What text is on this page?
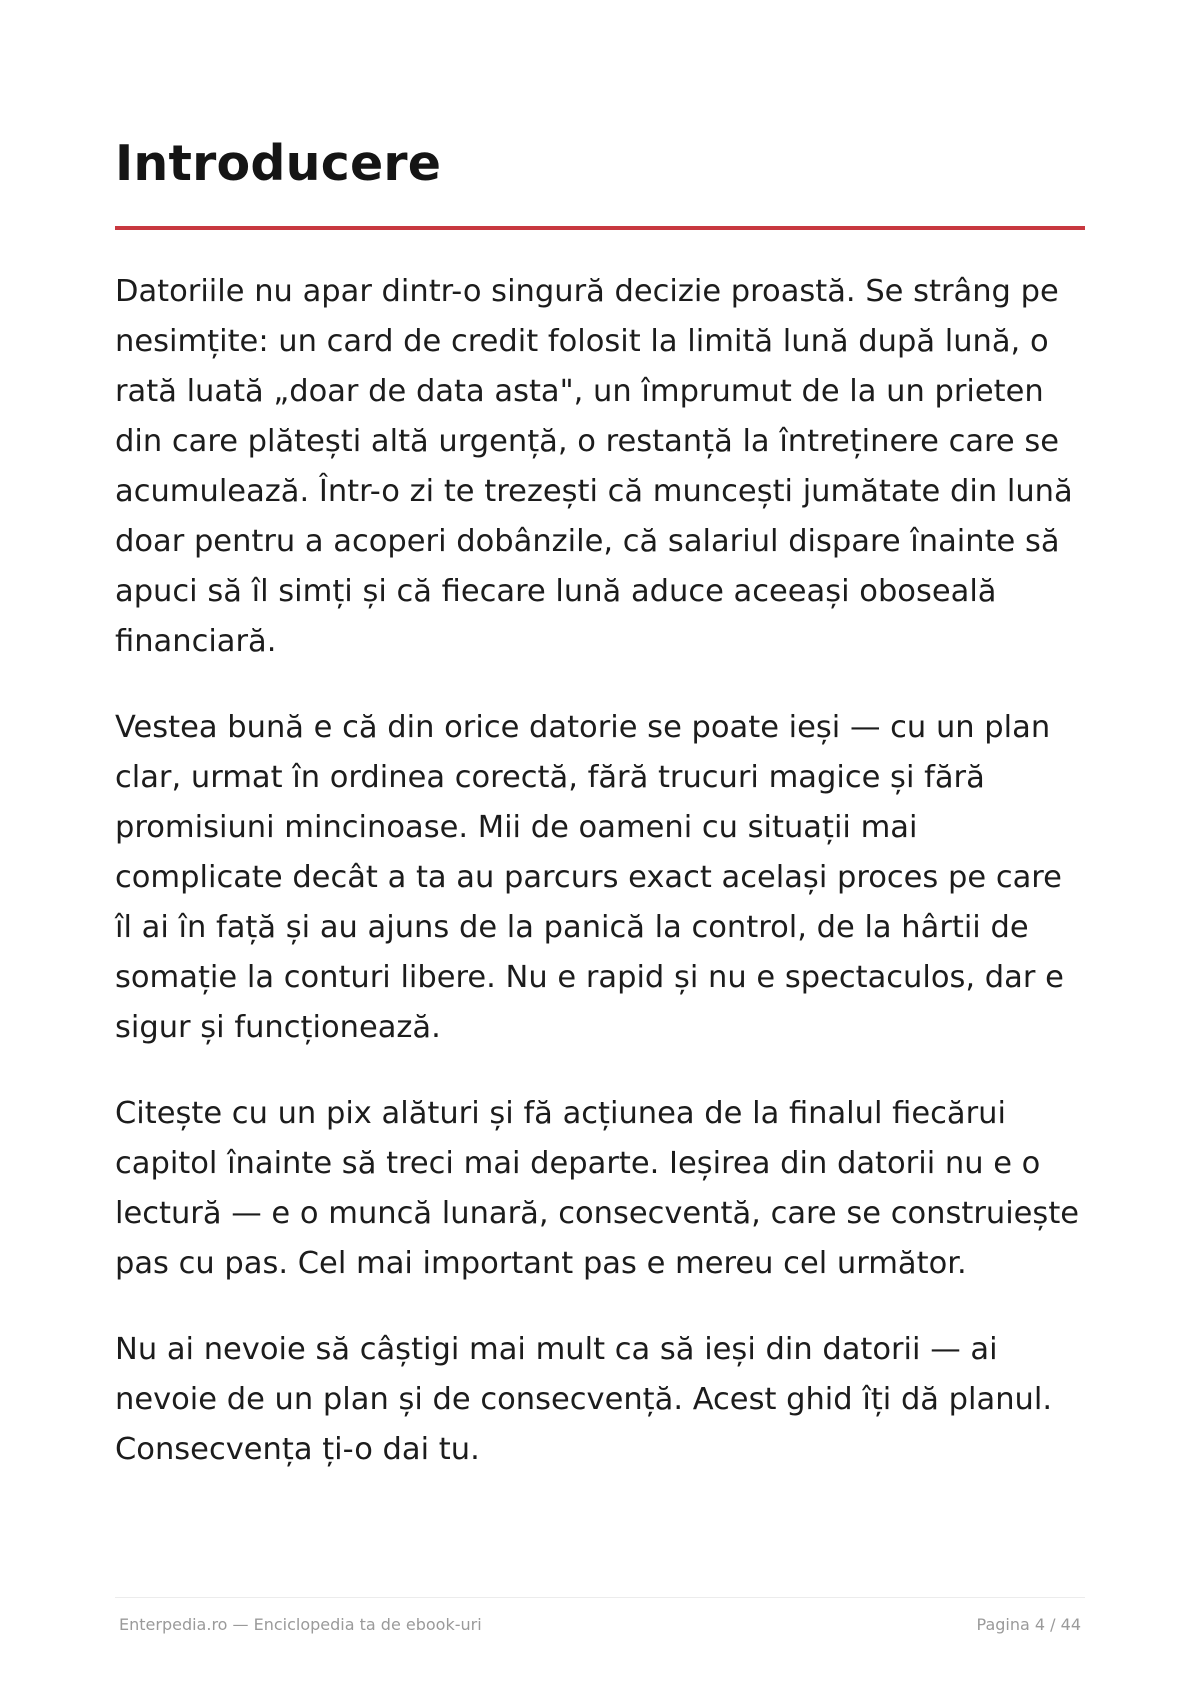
Introducere

Datoriile nu apar dintr-o singură decizie proastă. Se strâng pe nesimțite: un card de credit folosit la limită lună după lună, o rată luată „doar de data asta", un împrumut de la un prieten din care plătești altă urgență, o restanță la întreținere care se acumulează. Într-o zi te trezești că muncești jumătate din lună doar pentru a acoperi dobânzile, că salariul dispare înainte să apuci să îl simți și că fiecare lună aduce aceeași oboseală financiară.

Vestea bună e că din orice datorie se poate ieși — cu un plan clar, urmat în ordinea corectă, fără trucuri magice și fără promisiuni mincinoase. Mii de oameni cu situații mai complicate decât a ta au parcurs exact același proces pe care îl ai în față și au ajuns de la panică la control, de la hârtii de somație la conturi libere. Nu e rapid și nu e spectaculos, dar e sigur și funcționează.

Citește cu un pix alături și fă acțiunea de la finalul fiecărui capitol înainte să treci mai departe. Ieșirea din datorii nu e o lectură — e o muncă lunară, consecventă, care se construiește pas cu pas. Cel mai important pas e mereu cel următor.

Nu ai nevoie să câștigi mai mult ca să ieși din datorii — ai nevoie de un plan și de consecvență. Acest ghid îți dă planul. Consecvența ți-o dai tu.

Enterpedia.ro — Enciclopedia ta de ebook-uri	Pagina 4 / 44
